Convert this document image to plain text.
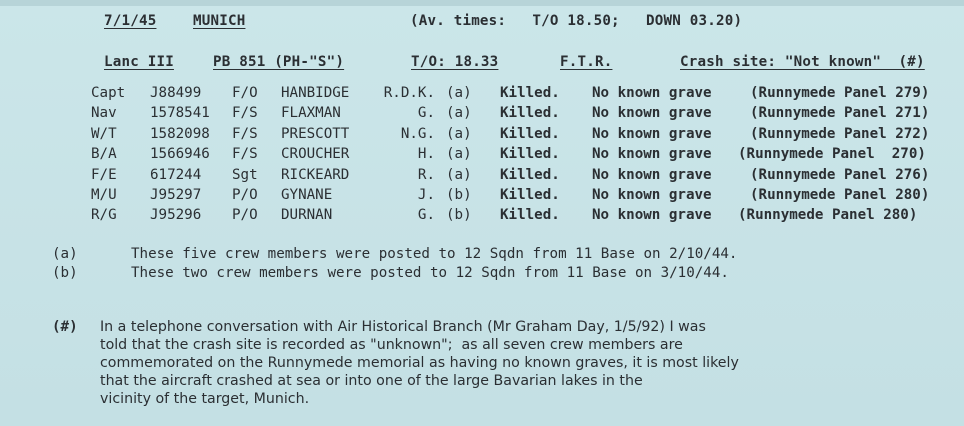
7/1/45	MUNICH	(Av. times:   T/O 18.50;   DOWN 03.20)
Lanc III	PB 851 (PH-"S")	T/O: 18.33	F.T.R.	Crash site: "Not known"  (#)
Capt J88499 F/O HANBIDGE	R.D.K. (a) Killed. No known grave	(Runnymede Panel 279)
Nav 1578541 F/S FLAXMAN	G. (a) Killed. No known grave	(Runnymede Panel 271)
W/T 1582098 F/S PRESCOTT	N.G. (a) Killed. No known grave	(Runnymede Panel 272)
B/A 1566946 F/S CROUCHER	H. (a) Killed. No known grave (Runnymede Panel  270)
F/E 617244 Sgt RICKEARD	R. (a) Killed. No known grave	(Runnymede Panel 276)
M/U J95297 P/O GYNANE	J. (b) Killed. No known grave	(Runnymede Panel 280)
R/G J95296 P/O DURNAN	G. (b) Killed. No known grave (Runnymede Panel 280)
(a)	These five crew members were posted to 12 Sqdn from 11 Base on 2/10/44.
(b)	These two crew members were posted to 12 Sqdn from 11 Base on 3/10/44.
(#) In a telephone conversation with Air Historical Branch (Mr Graham Day, 1/5/92) I was
told that the crash site is recorded as "unknown";  as all seven crew members are
commemorated on the Runnymede memorial as having no known graves, it is most likely
that the aircraft crashed at sea or into one of the large Bavarian lakes in the
vicinity of the target, Munich.
